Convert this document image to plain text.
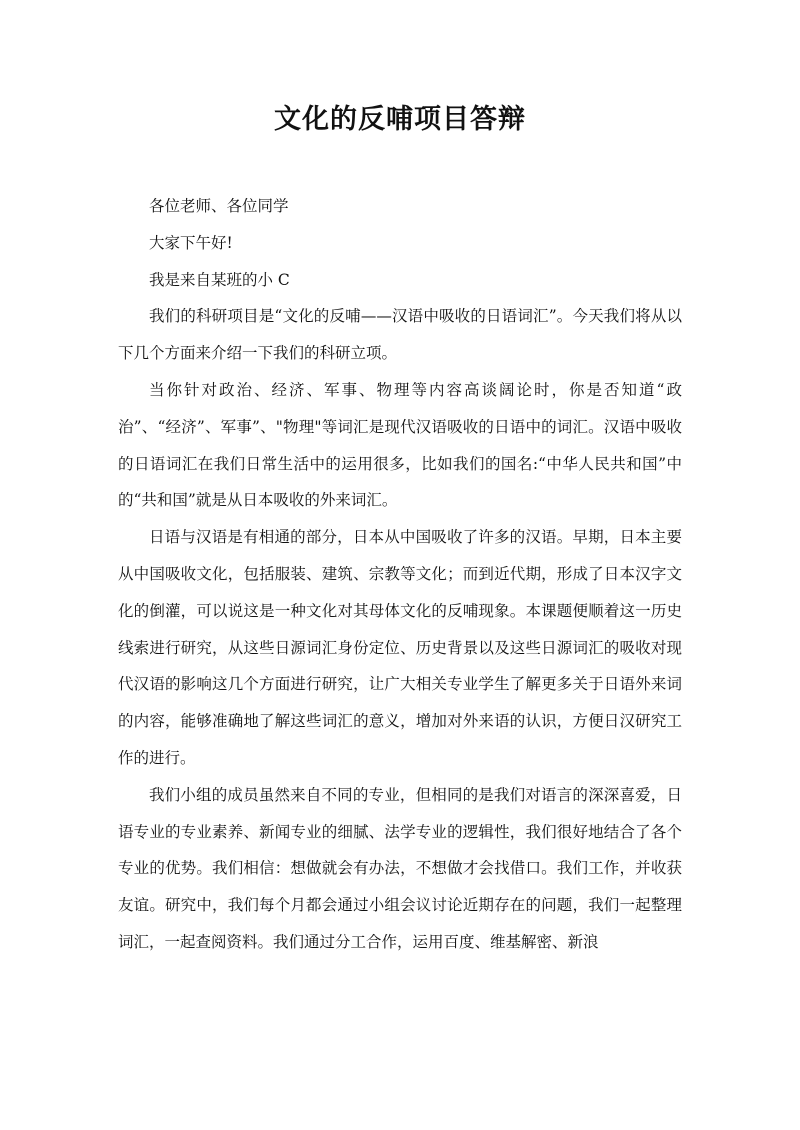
文化的反哺项目答辩

各位老师、各位同学

大家下午好!

我是来自某班的小 C

我们的科研项目是“文化的反哺——汉语中吸收的日语词汇”。今天我们将从以下几个方面来介绍一下我们的科研立项。

当你针对政治、经济、军事、物理等内容高谈阔论时，你是否知道“政治”、“经济”、军事”、"物理"等词汇是现代汉语吸收的日语中的词汇。汉语中吸收的日语词汇在我们日常生活中的运用很多，比如我们的国名:“中华人民共和国”中的“共和国”就是从日本吸收的外来词汇。

日语与汉语是有相通的部分，日本从中国吸收了许多的汉语。早期，日本主要从中国吸收文化，包括服装、建筑、宗教等文化；而到近代期，形成了日本汉字文化的倒灌，可以说这是一种文化对其母体文化的反哺现象。本课题便顺着这一历史线索进行研究，从这些日源词汇身份定位、历史背景以及这些日源词汇的吸收对现代汉语的影响这几个方面进行研究，让广大相关专业学生了解更多关于日语外来词的内容，能够准确地了解这些词汇的意义，增加对外来语的认识，方便日汉研究工作的进行。

我们小组的成员虽然来自不同的专业，但相同的是我们对语言的深深喜爱，日语专业的专业素养、新闻专业的细腻、法学专业的逻辑性，我们很好地结合了各个专业的优势。我们相信：想做就会有办法，不想做才会找借口。我们工作，并收获友谊。研究中，我们每个月都会通过小组会议讨论近期存在的问题，我们一起整理词汇，一起查阅资料。我们通过分工合作，运用百度、维基解密、新浪
